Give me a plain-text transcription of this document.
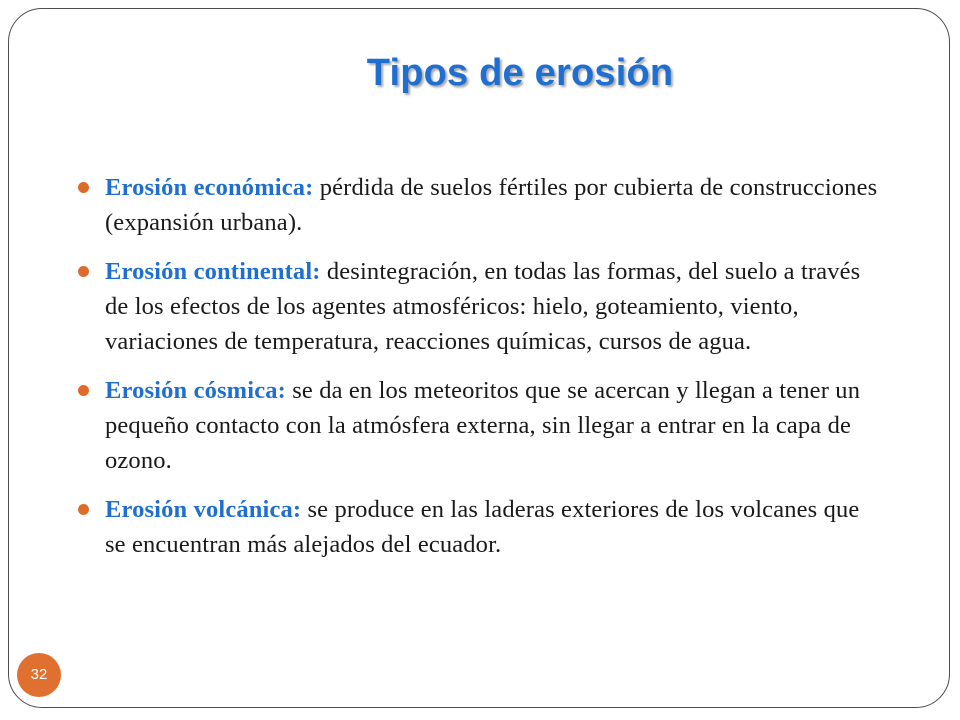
Tipos de erosión
Erosión económica: pérdida de suelos fértiles por cubierta de construcciones (expansión urbana).
Erosión continental: desintegración, en todas las formas, del suelo a través de los efectos de los agentes atmosféricos: hielo, goteamiento, viento, variaciones de temperatura, reacciones químicas, cursos de agua.
Erosión cósmica: se da en los meteoritos que se acercan y llegan a tener un pequeño contacto con la atmósfera externa, sin llegar a entrar en la capa de ozono.
Erosión volcánica: se produce en las laderas exteriores de los volcanes que se encuentran más alejados del ecuador.
32
